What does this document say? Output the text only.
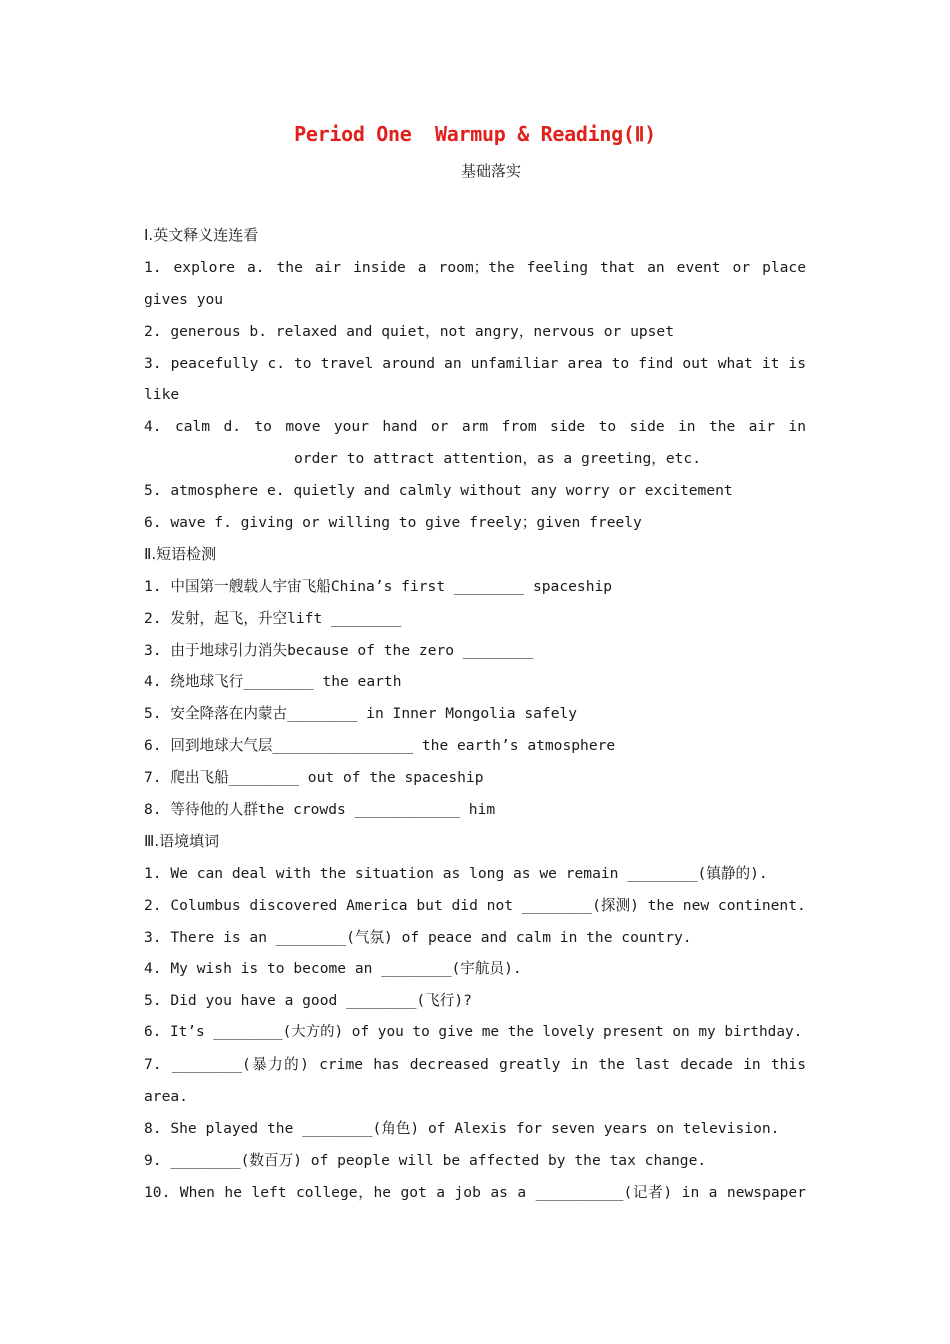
Period One  Warmup & Reading(Ⅱ)
基础落实
Ⅰ.英文释义连连看
1. explore a. the air inside a room；the feeling that an event or place
gives you
2. generous b. relaxed and quiet，not angry，nervous or upset
3. peacefully c. to travel around an unfamiliar area to find out what it is
like
4. calm d. to move your hand or arm from side to side in the air in
order to attract attention，as a greeting，etc.
5. atmosphere e. quietly and calmly without any worry or excitement
6. wave f. giving or willing to give freely；given freely
Ⅱ.短语检测
1. 中国第一艘载人宇宙飞船China’s first ________ spaceship
2. 发射，起飞，升空lift ________
3. 由于地球引力消失because of the zero ________
4. 绕地球飞行________ the earth
5. 安全降落在内蒙古________ in Inner Mongolia safely
6. 回到地球大气层________________ the earth’s atmosphere
7. 爬出飞船________ out of the spaceship
8. 等待他的人群the crowds ____________ him
Ⅲ.语境填词
1. We can deal with the situation as long as we remain ________(镇静的).
2. Columbus discovered America but did not ________(探测) the new continent.
3. There is an ________(气氛) of peace and calm in the country.
4. My wish is to become an ________(宇航员).
5. Did you have a good ________(飞行)?
6. It’s ________(大方的) of you to give me the lovely present on my birthday.
7. ________(暴力的) crime has decreased greatly in the last decade in this
area.
8. She played the ________(角色) of Alexis for seven years on television.
9. ________(数百万) of people will be affected by the tax change.
10. When he left college，he got a job as a __________(记者) in a newspaper
